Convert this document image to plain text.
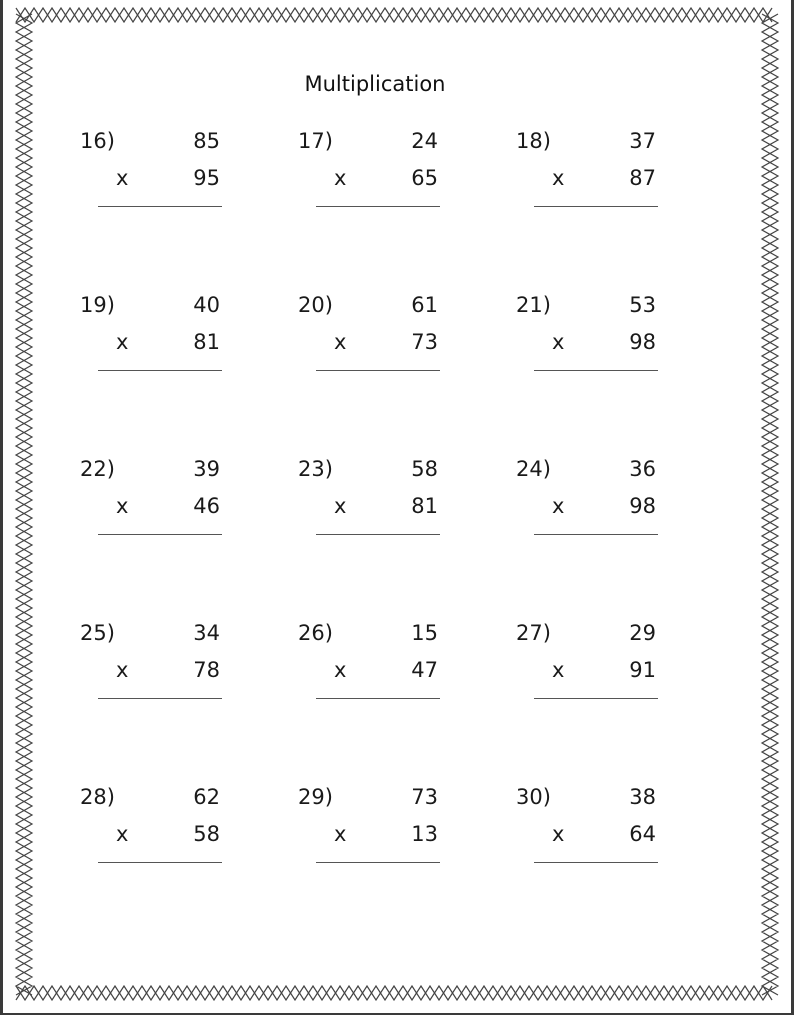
Multiplication
16)	85
x	95
17)	24
x	65
18)	37
x	87
19)	40
x	81
20)	61
x	73
21)	53
x	98
22)	39
x	46
23)	58
x	81
24)	36
x	98
25)	34
x	78
26)	15
x	47
27)	29
x	91
28)	62
x	58
29)	73
x	13
30)	38
x	64
